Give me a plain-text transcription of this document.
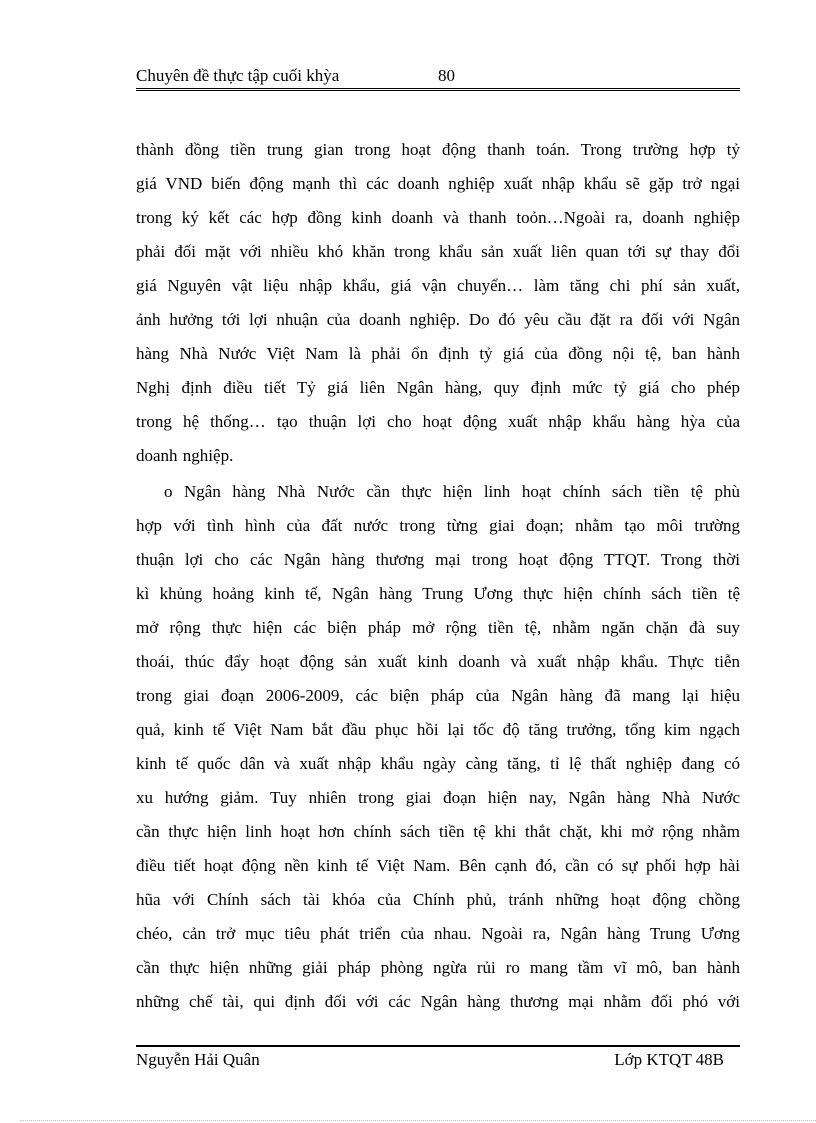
Chuyên đề thực tập cuối khỳa	80
thành đồng tiền trung gian trong hoạt động thanh toán. Trong trường hợp tỷ
giá VND biến động mạnh thì các doanh nghiệp xuất nhập khẩu sẽ gặp trở ngại
trong ký kết các hợp đồng kinh doanh và thanh toỏn…Ngoài ra, doanh nghiệp
phải đối mặt với nhiều khó khăn trong khẩu sản xuất liên quan tới sự thay đổi
giá Nguyên vật liệu nhập khẩu, giá vận chuyển… làm tăng chi phí sản xuất,
ảnh hưởng tới lợi nhuận của doanh nghiệp. Do đó yêu cầu đặt ra đối với Ngân
hàng Nhà Nước Việt Nam là phải ổn định tỷ giá của đồng nội tệ, ban hành
Nghị định điều tiết Tỷ giá liên Ngân hàng, quy định mức tỷ giá cho phép
trong hệ thống… tạo thuận lợi cho hoạt động xuất nhập khẩu hàng hỳa của
doanh nghiệp.
o Ngân hàng Nhà Nước cần thực hiện linh hoạt chính sách tiền tệ phù
hợp với tình hình của đất nước trong từng giai đoạn; nhằm tạo môi trường
thuận lợi cho các Ngân hàng thương mại trong hoạt động TTQT. Trong thời
kì khủng hoảng kinh tế, Ngân hàng Trung Ương thực hiện chính sách tiền tệ
mở rộng thực hiện các biện pháp mở rộng tiền tệ, nhằm ngăn chặn đà suy
thoái, thúc đẩy hoạt động sản xuất kinh doanh và xuất nhập khẩu. Thực tiễn
trong giai đoạn 2006-2009, các biện pháp của Ngân hàng đã mang lại hiệu
quả, kinh tế Việt Nam bắt đầu phục hồi lại tốc độ tăng trưởng, tổng kim ngạch
kinh tế quốc dân và xuất nhập khẩu ngày càng tăng, tỉ lệ thất nghiệp đang có
xu hướng giảm. Tuy nhiên trong giai đoạn hiện nay, Ngân hàng Nhà Nước
cần thực hiện linh hoạt hơn chính sách tiền tệ khi thắt chặt, khi mở rộng nhằm
điều tiết hoạt động nền kinh tế Việt Nam. Bên cạnh đó, cần có sự phối hợp hài
hũa với Chính sách tài khóa của Chính phủ, tránh những hoạt động chồng
chéo, cản trở mục tiêu phát triển của nhau. Ngoài ra, Ngân hàng Trung Ương
cần thực hiện những giải pháp phòng ngừa rủi ro mang tầm vĩ mô, ban hành
những chế tài, qui định đối với các Ngân hàng thương mại nhằm đối phó với
Nguyễn Hải Quân	Lớp KTQT 48B
